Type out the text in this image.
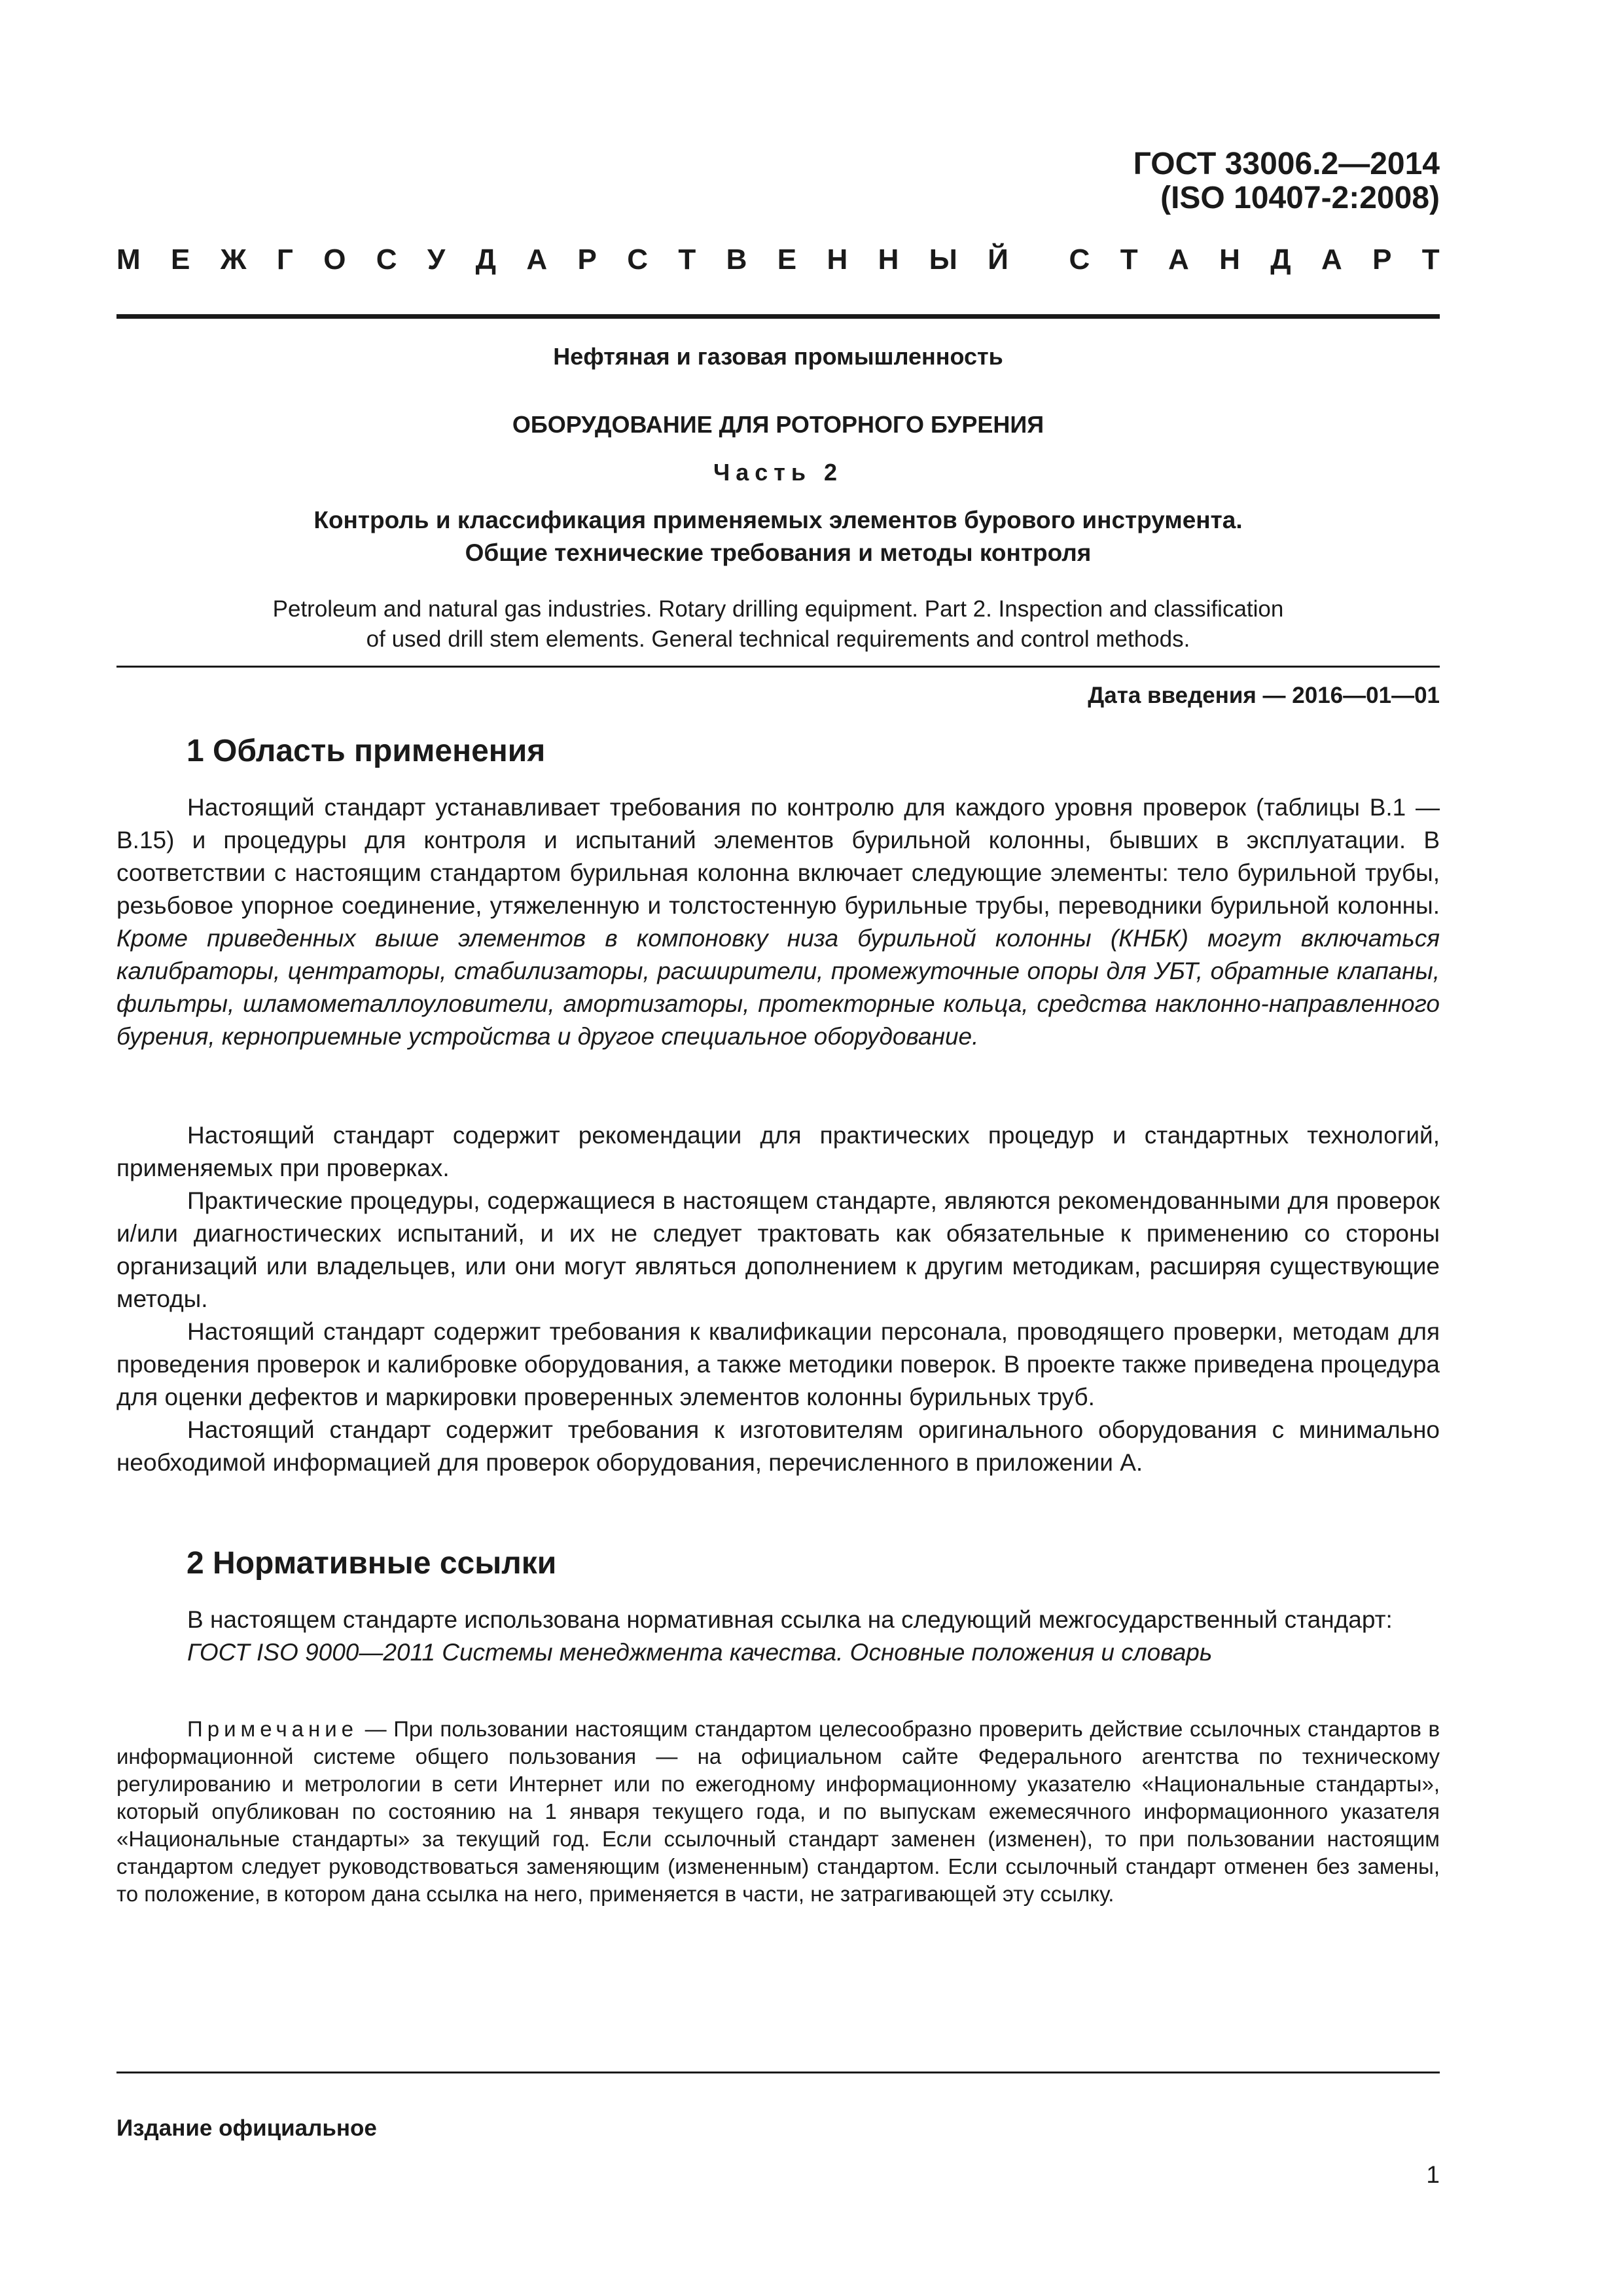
ГОСТ 33006.2—2014
(ISO 10407-2:2008)
М Е Ж Г О С У Д А Р С Т В Е Н Н Ы Й С Т А Н Д А Р Т
Нефтяная и газовая промышленность
ОБОРУДОВАНИЕ ДЛЯ РОТОРНОГО БУРЕНИЯ
Часть 2
Контроль и классификация применяемых элементов бурового инструмента.
Общие технические требования и методы контроля
Petroleum and natural gas industries. Rotary drilling equipment. Part 2. Inspection and classification
of used drill stem elements. General technical requirements and control methods.
Дата введения — 2016—01—01
1 Область применения

Настоящий стандарт устанавливает требования по контролю для каждого уровня проверок (таблицы В.1 — В.15) и процедуры для контроля и испытаний элементов бурильной колонны, бывших в эксплуатации. В соответствии с настоящим стандартом бурильная колонна включает следующие элементы: тело бурильной трубы, резьбовое упорное соединение, утяжеленную и толстостенную бурильные трубы, переводники бурильной колонны. Кроме приведенных выше элементов в компоновку низа бурильной колонны (КНБК) могут включаться калибраторы, центраторы, стабилизаторы, расширители, промежуточные опоры для УБТ, обратные клапаны, фильтры, шламометаллоуловители, амортизаторы, протекторные кольца, средства наклонно-направленного бурения, керноприемные устройства и другое специальное оборудование.

Настоящий стандарт содержит рекомендации для практических процедур и стандартных технологий, применяемых при проверках.

Практические процедуры, содержащиеся в настоящем стандарте, являются рекомендованными для проверок и/или диагностических испытаний, и их не следует трактовать как обязательные к применению со стороны организаций или владельцев, или они могут являться дополнением к другим методикам, расширяя существующие методы.

Настоящий стандарт содержит требования к квалификации персонала, проводящего проверки, методам для проведения проверок и калибровке оборудования, а также методики поверок. В проекте также приведена процедура для оценки дефектов и маркировки проверенных элементов колонны бурильных труб.

Настоящий стандарт содержит требования к изготовителям оригинального оборудования с минимально необходимой информацией для проверок оборудования, перечисленного в приложении А.

2 Нормативные ссылки

В настоящем стандарте использована нормативная ссылка на следующий межгосударственный стандарт:

ГОСТ ISO 9000—2011 Системы менеджмента качества. Основные положения и словарь

Примечание — При пользовании настоящим стандартом целесообразно проверить действие ссылочных стандартов в информационной системе общего пользования — на официальном сайте Федерального агентства по техническому регулированию и метрологии в сети Интернет или по ежегодному информационному указателю «Национальные стандарты», который опубликован по состоянию на 1 января текущего года, и по выпускам ежемесячного информационного указателя «Национальные стандарты» за текущий год. Если ссылочный стандарт заменен (изменен), то при пользовании настоящим стандартом следует руководствоваться заменяющим (измененным) стандартом. Если ссылочный стандарт отменен без замены, то положение, в котором дана ссылка на него, применяется в части, не затрагивающей эту ссылку.

Издание официальное
1
